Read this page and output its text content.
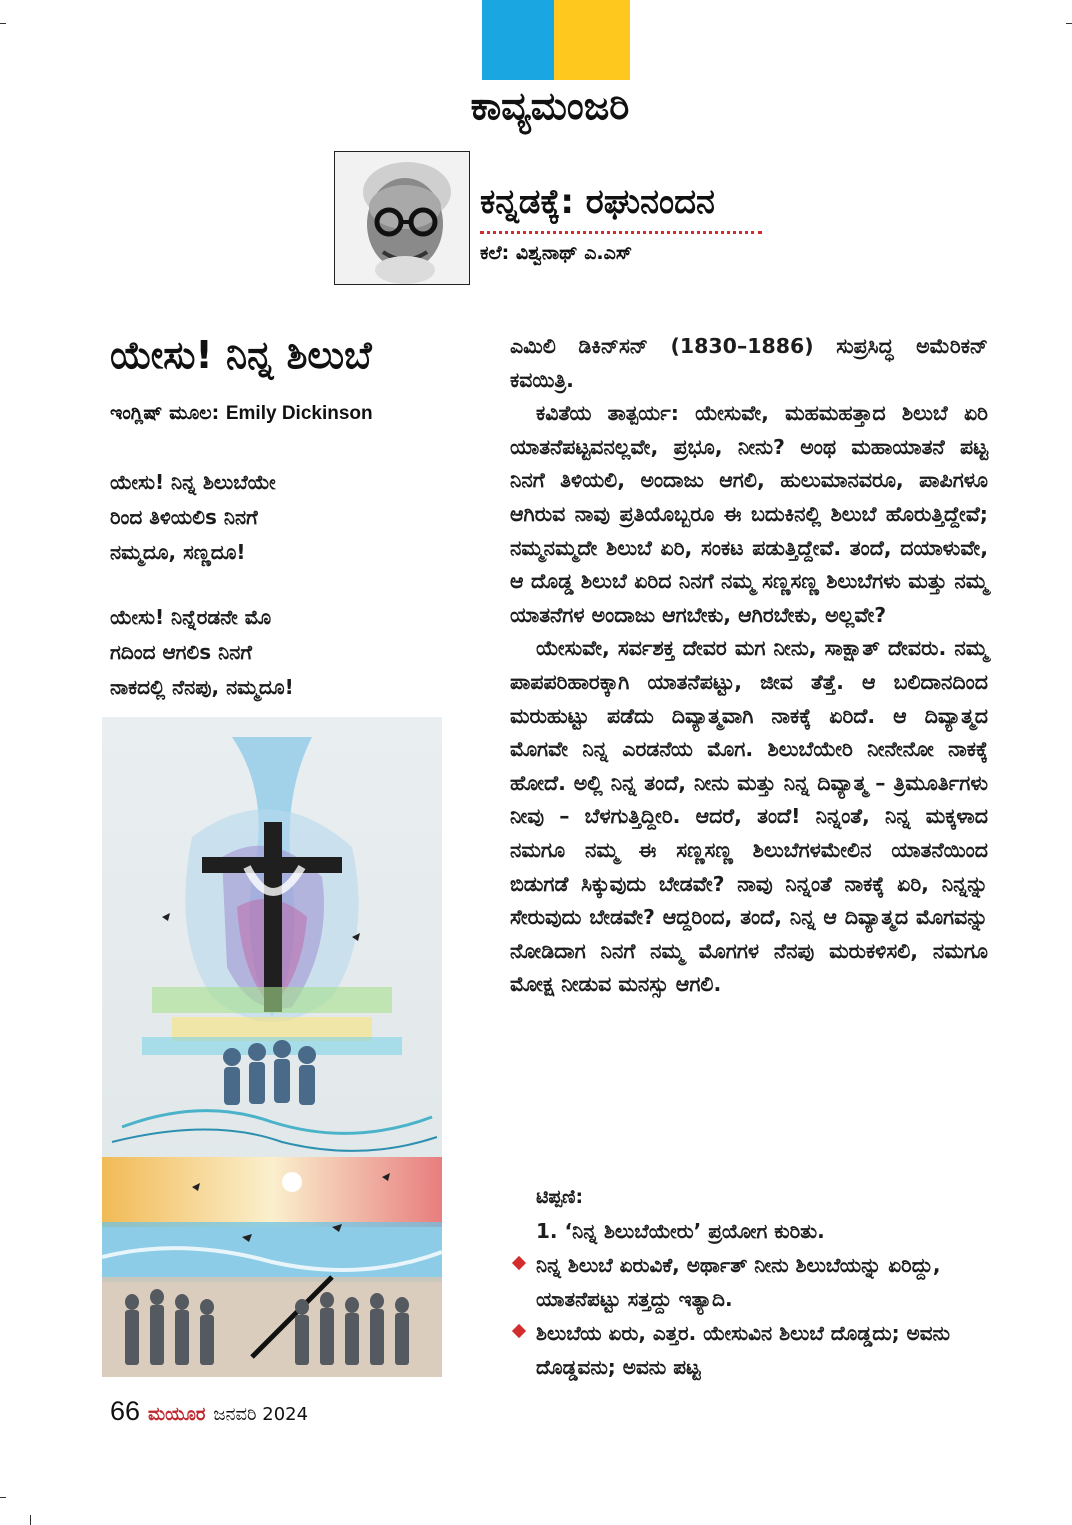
ಕಾವ್ಯಮಂಜರಿ
ಕನ್ನಡಕ್ಕೆ: ರಘುನಂದನ
ಕಲೆ: ವಿಶ್ವನಾಥ್ ಎ.ಎಸ್
ಯೇಸು! ನಿನ್ನ ಶಿಲುಬೆ
ಇಂಗ್ಲಿಷ್ ಮೂಲ: Emily Dickinson
ಯೇಸು! ನಿನ್ನ ಶಿಲುಬೆಯೇ
ರಿಂದ ತಿಳಿಯಲಿs ನಿನಗೆ
ನಮ್ಮದೂ, ಸಣ್ಣದೂ!
ಯೇಸು! ನಿನ್ನೆರಡನೇ ಮೊ
ಗದಿಂದ ಆಗಲಿs ನಿನಗೆ
ನಾಕದಲ್ಲಿ ನೆನಪು, ನಮ್ಮದೂ!
66 ಮಯೂರ ಜನವರಿ 2024

ಎಮಿಲಿ ಡಿಕಿನ್‌ಸನ್ (1830–1886) ಸುಪ್ರಸಿದ್ಧ ಅಮೆರಿಕನ್ ಕವಯಿತ್ರಿ.

ಕವಿತೆಯ ತಾತ್ಪರ್ಯ: ಯೇಸುವೇ, ಮಹಮಹತ್ತಾದ ಶಿಲುಬೆ ಏರಿ ಯಾತನೆಪಟ್ಟವನಲ್ಲವೇ, ಪ್ರಭೂ, ನೀನು? ಅಂಥ ಮಹಾಯಾತನೆ ಪಟ್ಟ ನಿನಗೆ ತಿಳಿಯಲಿ, ಅಂದಾಜು ಆಗಲಿ, ಹುಲುಮಾನವರೂ, ಪಾಪಿಗಳೂ ಆಗಿರುವ ನಾವು ಪ್ರತಿಯೊಬ್ಬರೂ ಈ ಬದುಕಿನಲ್ಲಿ ಶಿಲುಬೆ ಹೊರುತ್ತಿದ್ದೇವೆ; ನಮ್ಮನಮ್ಮದೇ ಶಿಲುಬೆ ಏರಿ, ಸಂಕಟ ಪಡುತ್ತಿದ್ದೇವೆ. ತಂದೆ, ದಯಾಳುವೇ, ಆ ದೊಡ್ಡ ಶಿಲುಬೆ ಏರಿದ ನಿನಗೆ ನಮ್ಮ ಸಣ್ಣಸಣ್ಣ ಶಿಲುಬೆಗಳು ಮತ್ತು ನಮ್ಮ ಯಾತನೆಗಳ ಅಂದಾಜು ಆಗಬೇಕು, ಆಗಿರಬೇಕು, ಅಲ್ಲವೇ?

ಯೇಸುವೇ, ಸರ್ವಶಕ್ತ ದೇವರ ಮಗ ನೀನು, ಸಾಕ್ಷಾತ್ ದೇವರು. ನಮ್ಮ ಪಾಪಪರಿಹಾರಕ್ಕಾಗಿ ಯಾತನೆಪಟ್ಟು, ಜೀವ ತೆತ್ತೆ. ಆ ಬಲಿದಾನದಿಂದ ಮರುಹುಟ್ಟು ಪಡೆದು ದಿವ್ಯಾತ್ಮವಾಗಿ ನಾಕಕ್ಕೆ ಏರಿದೆ. ಆ ದಿವ್ಯಾತ್ಮದ ಮೊಗವೇ ನಿನ್ನ ಎರಡನೆಯ ಮೊಗ. ಶಿಲುಬೆಯೇರಿ ನೀನೇನೋ ನಾಕಕ್ಕೆ ಹೋದೆ. ಅಲ್ಲಿ ನಿನ್ನ ತಂದೆ, ನೀನು ಮತ್ತು ನಿನ್ನ ದಿವ್ಯಾತ್ಮ – ತ್ರಿಮೂರ್ತಿಗಳು ನೀವು – ಬೆಳಗುತ್ತಿದ್ದೀರಿ. ಆದರೆ, ತಂದೆ! ನಿನ್ನಂತೆ, ನಿನ್ನ ಮಕ್ಕಳಾದ ನಮಗೂ ನಮ್ಮ ಈ ಸಣ್ಣಸಣ್ಣ ಶಿಲುಬೆಗಳಮೇಲಿನ ಯಾತನೆಯಿಂದ ಬಿಡುಗಡೆ ಸಿಕ್ಕುವುದು ಬೇಡವೇ? ನಾವು ನಿನ್ನಂತೆ ನಾಕಕ್ಕೆ ಏರಿ, ನಿನ್ನನ್ನು ಸೇರುವುದು ಬೇಡವೇ? ಆದ್ದರಿಂದ, ತಂದೆ, ನಿನ್ನ ಆ ದಿವ್ಯಾತ್ಮದ ಮೊಗವನ್ನು ನೋಡಿದಾಗ ನಿನಗೆ ನಮ್ಮ ಮೊಗಗಳ ನೆನಪು ಮರುಕಳಿಸಲಿ, ನಮಗೂ ಮೋಕ್ಷ ನೀಡುವ ಮನಸ್ಸು ಆಗಲಿ.

ಟಿಪ್ಪಣಿ:
1. ‘ನಿನ್ನ ಶಿಲುಬೆಯೇರು’ ಪ್ರಯೋಗ ಕುರಿತು.
ನಿನ್ನ ಶಿಲುಬೆ ಏರುವಿಕೆ, ಅರ್ಥಾತ್ ನೀನು ಶಿಲುಬೆಯನ್ನು ಏರಿದ್ದು, ಯಾತನೆಪಟ್ಟು ಸತ್ತದ್ದು ಇತ್ಯಾದಿ.
ಶಿಲುಬೆಯ ಏರು, ಎತ್ತರ. ಯೇಸುವಿನ ಶಿಲುಬೆ ದೊಡ್ಡದು; ಅವನು ದೊಡ್ಡವನು; ಅವನು ಪಟ್ಟ
